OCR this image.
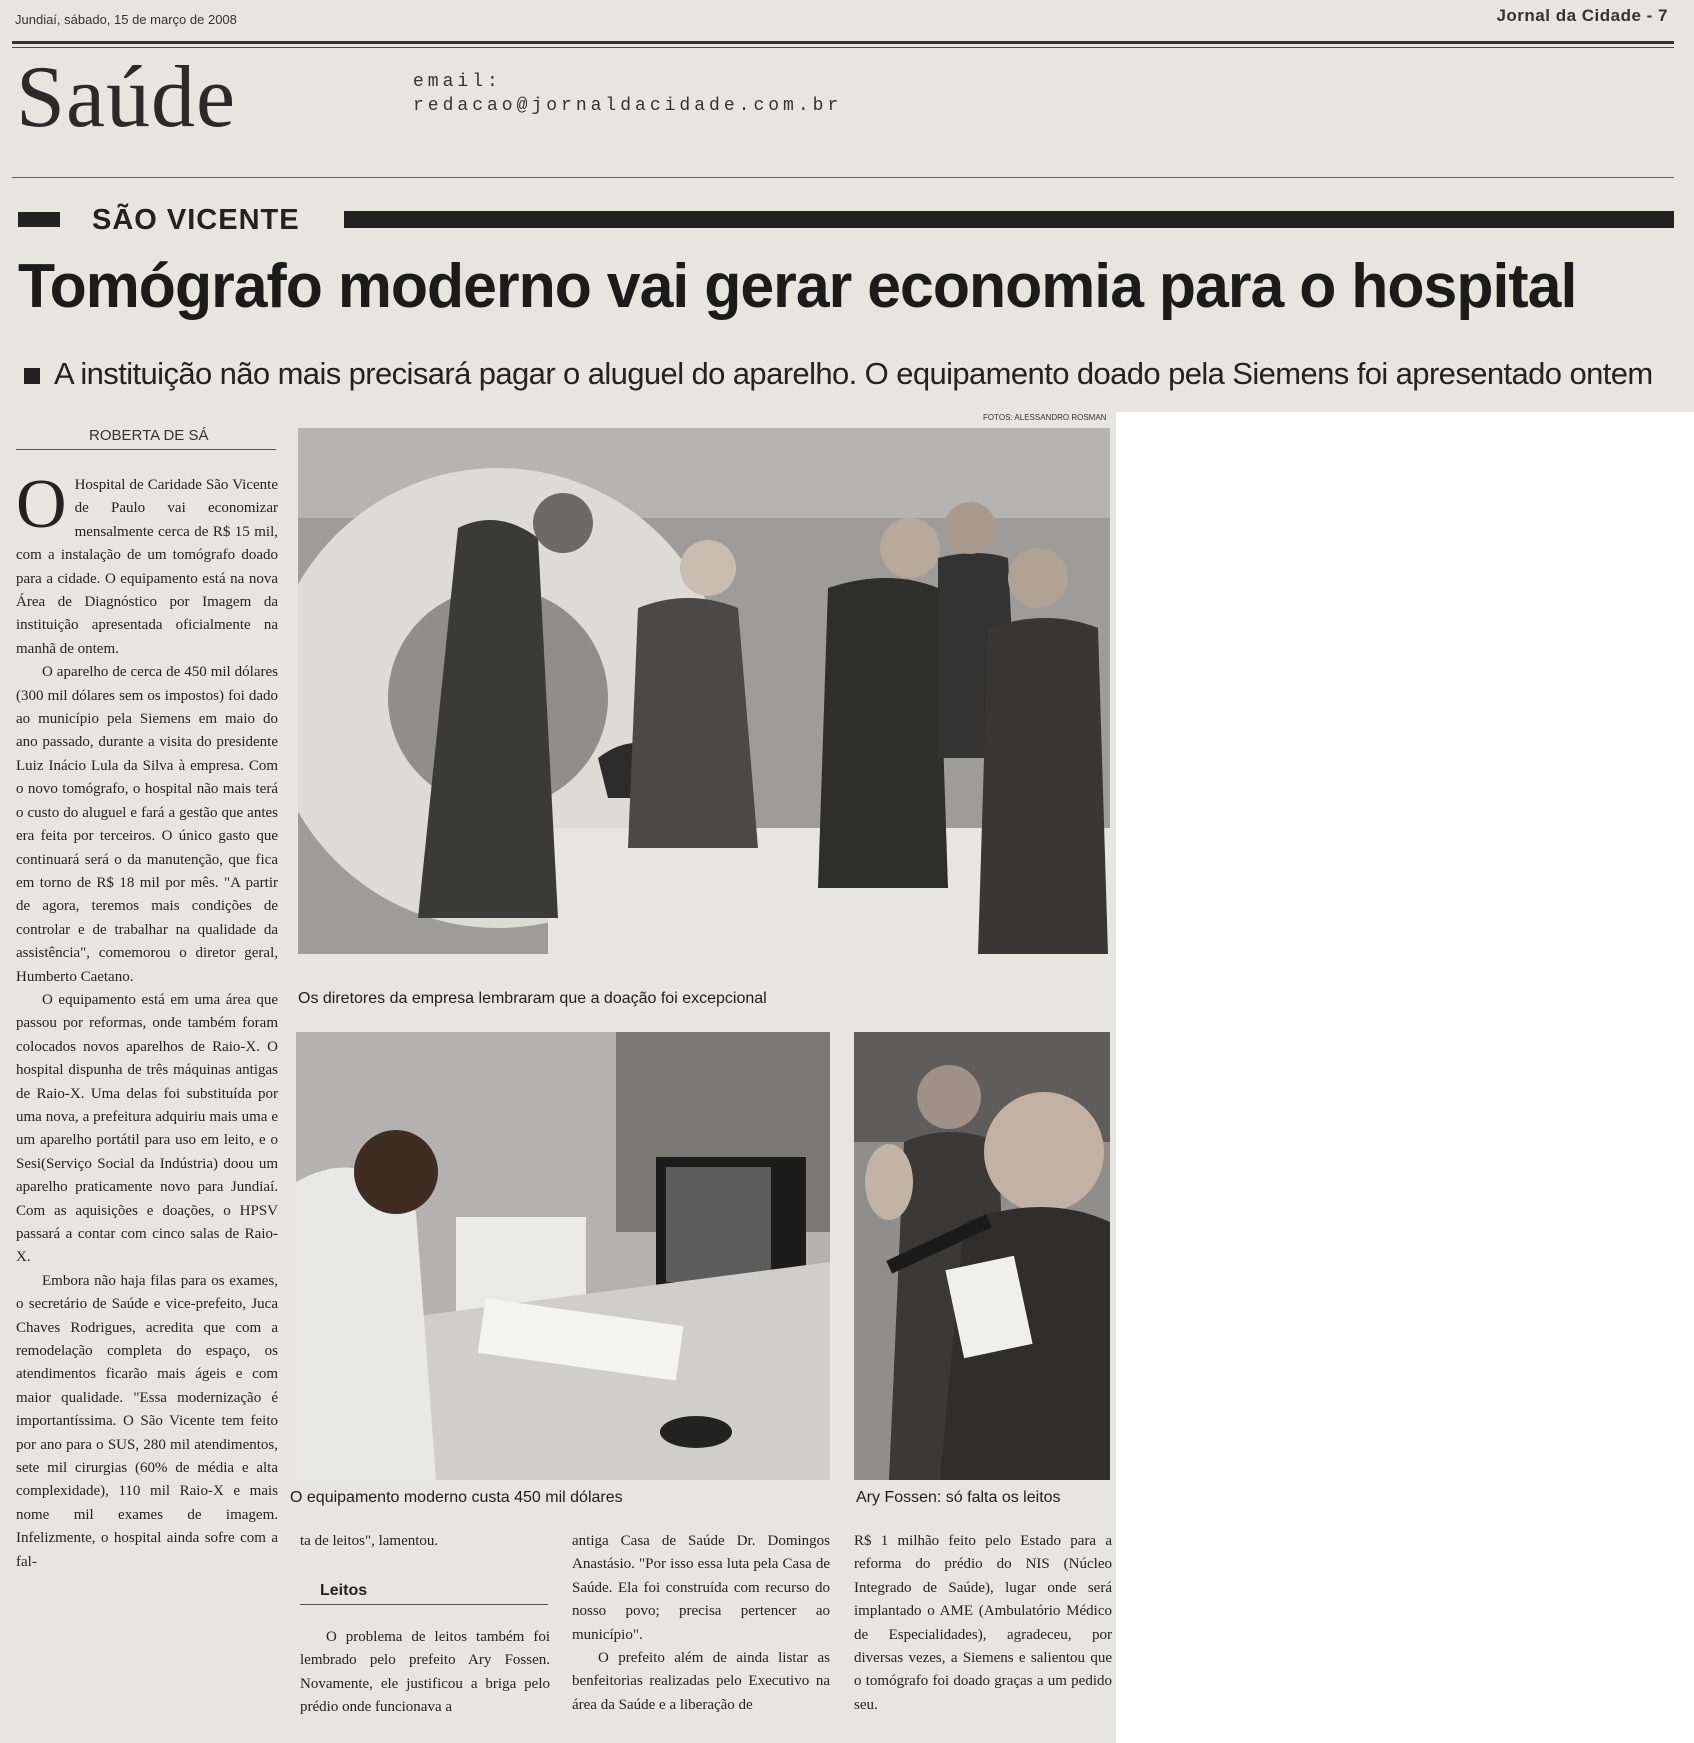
Jundiaí, sábado, 15 de março de 2008	Jornal da Cidade - 7
Saúde	email:
redacao@jornaldacidade.com.br
SÃO VICENTE
Tomógrafo moderno vai gerar economia para o hospital
A instituição não mais precisará pagar o aluguel do aparelho. O equipamento doado pela Siemens foi apresentado ontem
FOTOS: ALESSANDRO ROSMAN
ROBERTA DE SÁ

O Hospital de Caridade São Vicente de Paulo vai economizar mensalmente cerca de R$ 15 mil, com a instalação de um tomógrafo doado para a cidade. O equipamento está na nova Área de Diagnóstico por Imagem da instituição apresentada oficialmente na manhã de ontem.

O aparelho de cerca de 450 mil dólares (300 mil dólares sem os impostos) foi dado ao município pela Siemens em maio do ano passado, durante a visita do presidente Luiz Inácio Lula da Silva à empresa. Com o novo tomógrafo, o hospital não mais terá o custo do aluguel e fará a gestão que antes era feita por terceiros. O único gasto que continuará será o da manutenção, que fica em torno de R$ 18 mil por mês. "A partir de agora, teremos mais condições de controlar e de trabalhar na qualidade da assistência", comemorou o diretor geral, Humberto Caetano.

O equipamento está em uma área que passou por reformas, onde também foram colocados novos aparelhos de Raio-X. O hospital dispunha de três máquinas antigas de Raio-X. Uma delas foi substituída por uma nova, a prefeitura adquiriu mais uma e um aparelho portátil para uso em leito, e o Sesi(Serviço Social da Indústria) doou um aparelho praticamente novo para Jundiaí. Com as aquisições e doações, o HPSV passará a contar com cinco salas de Raio-X.

Embora não haja filas para os exames, o secretário de Saúde e vice-prefeito, Juca Chaves Rodrigues, acredita que com a remodelação completa do espaço, os atendimentos ficarão mais ágeis e com maior qualidade. "Essa modernização é importantíssima. O São Vicente tem feito por ano para o SUS, 280 mil atendimentos, sete mil cirurgias (60% de média e alta complexidade), 110 mil Raio-X e mais nome mil exames de imagem. Infelizmente, o hospital ainda sofre com a fal-

Os diretores da empresa lembraram que a doação foi excepcional
O equipamento moderno custa 450 mil dólares	Ary Fossen: só falta os leitos

ta de leitos", lamentou.

Leitos

O problema de leitos também foi lembrado pelo prefeito Ary Fossen. Novamente, ele justificou a briga pelo prédio onde funcionava a

antiga Casa de Saúde Dr. Domingos Anastásio. "Por isso essa luta pela Casa de Saúde. Ela foi construída com recurso do nosso povo; precisa pertencer ao município".

O prefeito além de ainda listar as benfeitorias realizadas pelo Executivo na área da Saúde e a liberação de

R$ 1 milhão feito pelo Estado para a reforma do prédio do NIS (Núcleo Integrado de Saúde), lugar onde será implantado o AME (Ambulatório Médico de Especialidades), agradeceu, por diversas vezes, a Siemens e salientou que o tomógrafo foi doado graças a um pedido seu.
